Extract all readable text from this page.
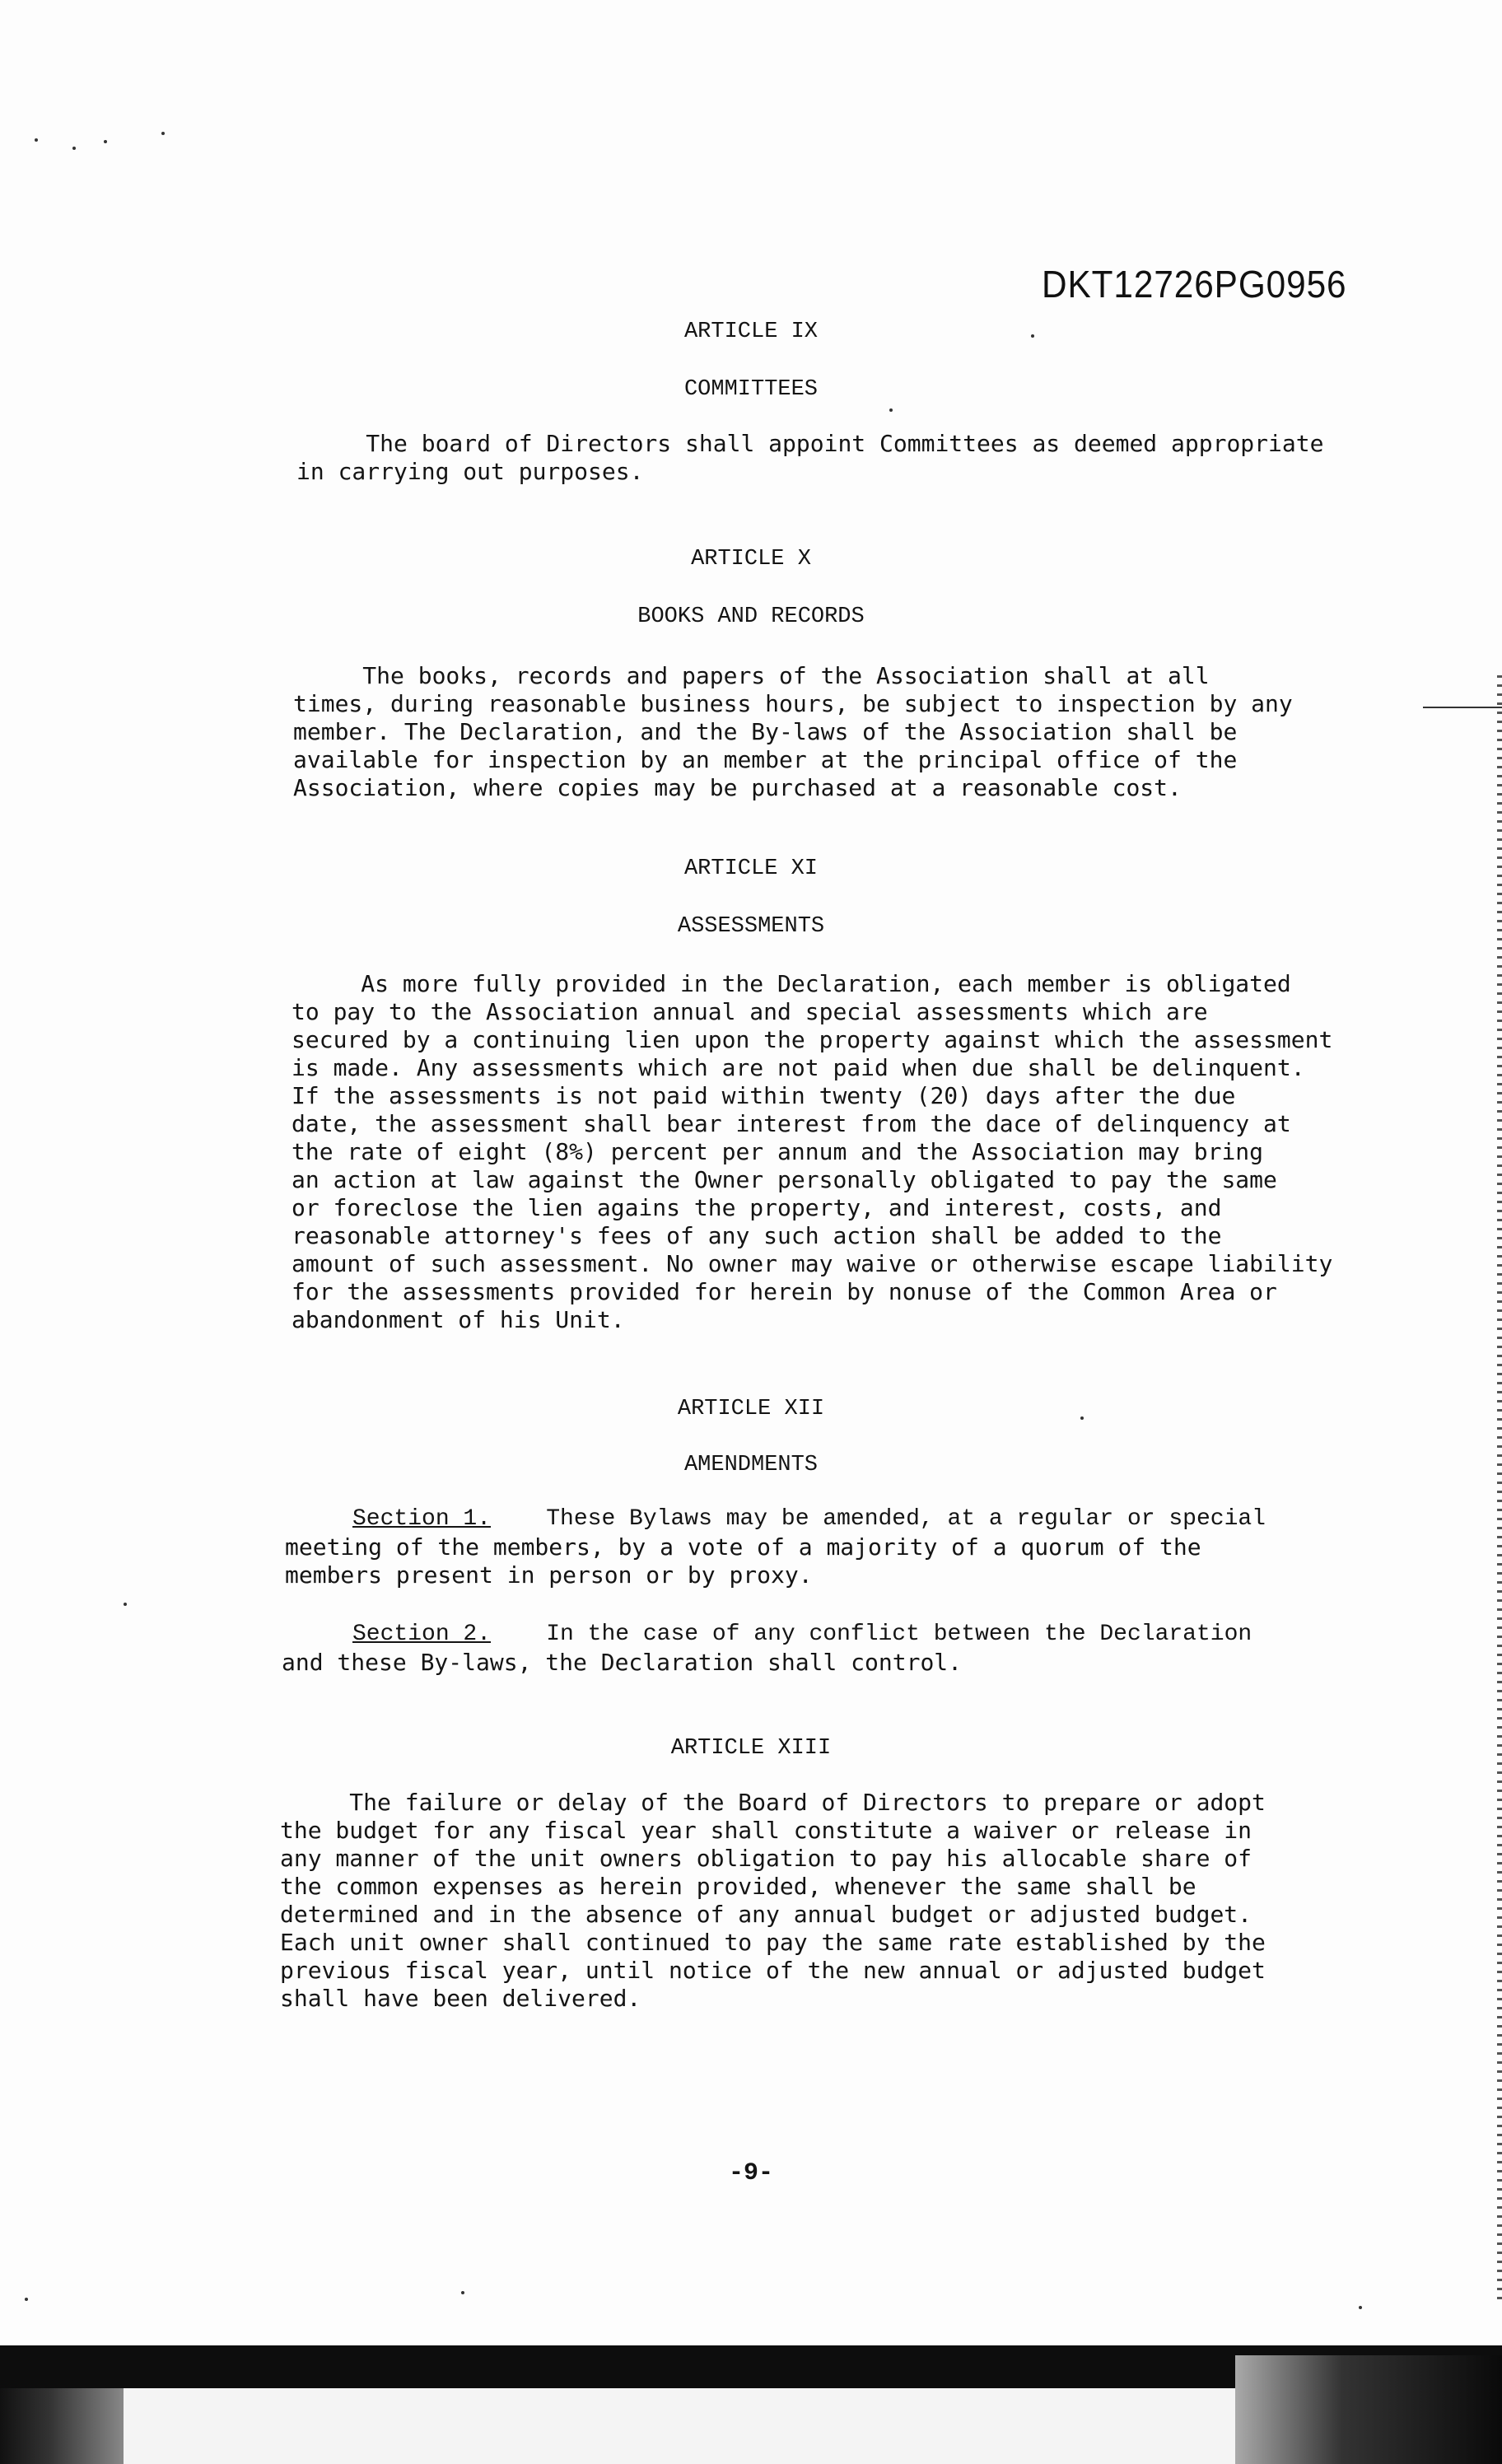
DKT12726PG0956
ARTICLE IX
COMMITTEES
The board of Directors shall appoint Committees as deemed appropriate
in carrying out purposes.
ARTICLE X
BOOKS AND RECORDS
The books, records and papers of the Association shall at all
times, during reasonable business hours, be subject to inspection by any
member. The Declaration, and the By-laws of the Association shall be
available for inspection by an member at the principal office of the
Association, where copies may be purchased at a reasonable cost.
ARTICLE XI
ASSESSMENTS
As more fully provided in the Declaration, each member is obligated
to pay to the Association annual and special assessments which are
secured by a continuing lien upon the property against which the assessment
is made. Any assessments which are not paid when due shall be delinquent.
If the assessments is not paid within twenty (20) days after the due
date, the assessment shall bear interest from the dace of delinquency at
the rate of eight (8%) percent per annum and the Association may bring
an action at law against the Owner personally obligated to pay the same
or foreclose the lien agains the property, and interest, costs, and
reasonable attorney's fees of any such action shall be added to the
amount of such assessment. No owner may waive or otherwise escape liability
for the assessments provided for herein by nonuse of the Common Area or
abandonment of his Unit.
ARTICLE XII
AMENDMENTS
Section 1.    These Bylaws may be amended, at a regular or special
meeting of the members, by a vote of a majority of a quorum of the
members present in person or by proxy.
Section 2.    In the case of any conflict between the Declaration
and these By-laws, the Declaration shall control.
ARTICLE XIII
The failure or delay of the Board of Directors to prepare or adopt
the budget for any fiscal year shall constitute a waiver or release in
any manner of the unit owners obligation to pay his allocable share of
the common expenses as herein provided, whenever the same shall be
determined and in the absence of any annual budget or adjusted budget.
Each unit owner shall continued to pay the same rate established by the
previous fiscal year, until notice of the new annual or adjusted budget
shall have been delivered.
-9-
